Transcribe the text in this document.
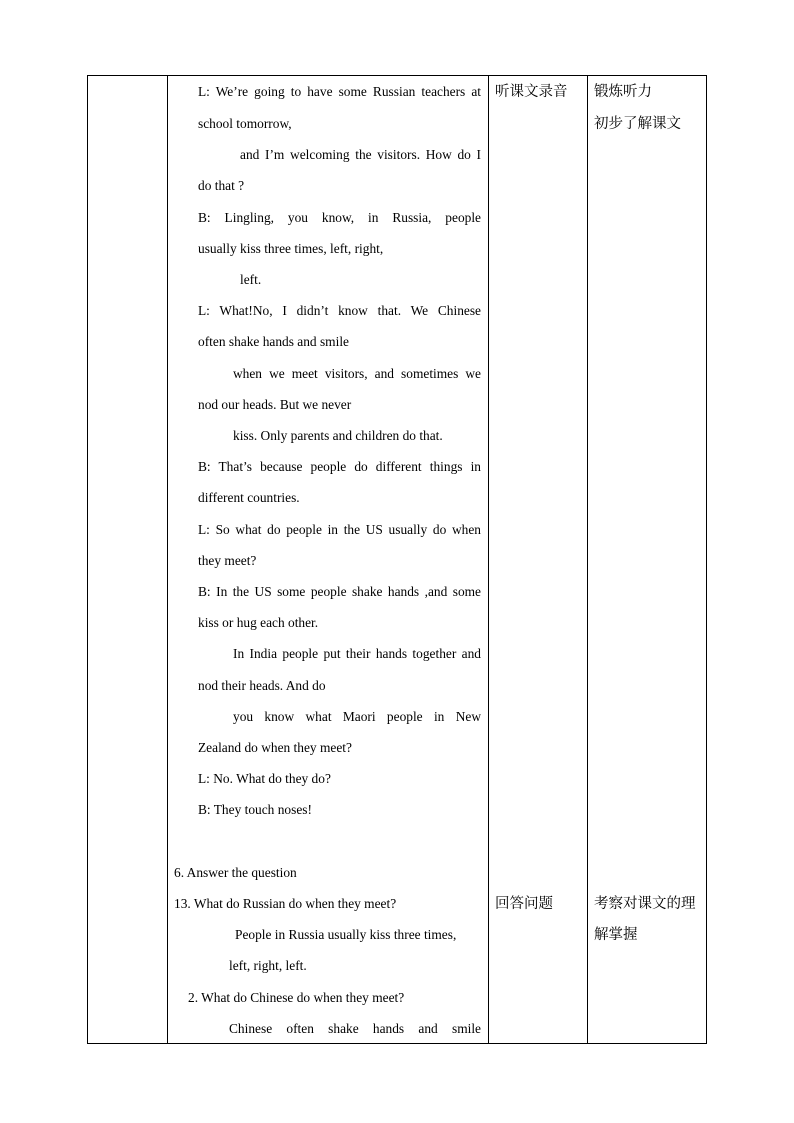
L: We’re going to have some Russian teachers at
school tomorrow,
and I’m welcoming the visitors. How do I
do that ?
B: Lingling, you know, in Russia, people
usually kiss three times, left, right,
left.
L: What!No, I didn’t know that. We Chinese
often shake hands and smile
when we meet visitors, and sometimes we
nod our heads. But we never
kiss. Only parents and children do that.
B: That’s because people do different things in
different countries.
L: So what do people in the US usually do when
they meet?
B: In the US some people shake hands ,and some
kiss or hug each other.
In India people put their hands together and
nod their heads. And do
you know what Maori people in New
Zealand do when they meet?
L: No. What do they do?
B: They touch noses!
6. Answer the question
13. What do Russian do when they meet?
People in Russia usually kiss three times,
left, right, left.
2. What do Chinese do when they meet?
Chinese often shake hands and smile
听课文录音
回答问题
锻炼听力
初步了解课文
考察对课文的理
解掌握
